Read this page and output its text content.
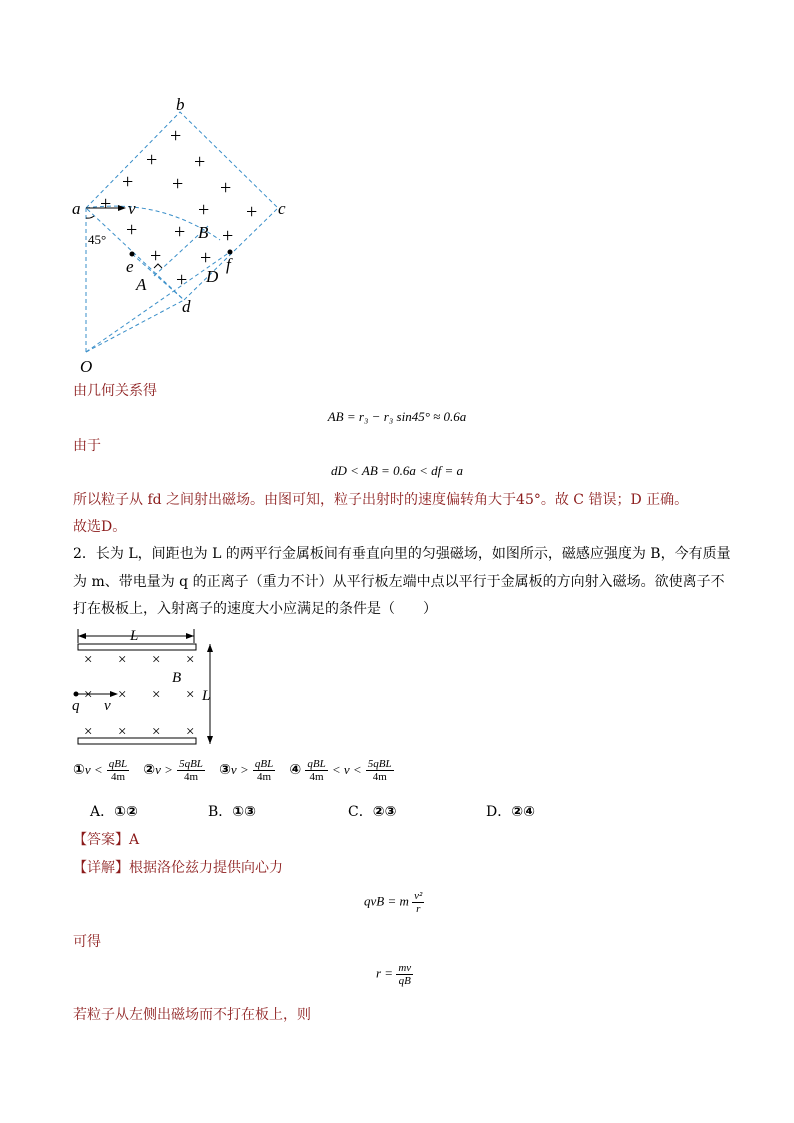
+
+ +
+ + +
+	+ +
+ + +
+ +
+
b
a	c
v
B
e	f
A	D
d
O
45°
由几何关系得
AB = r₃ − r₃ sin45° ≈ 0.6a
由于
dD < AB = 0.6a < df = a
所以粒子从 fd 之间射出磁场。由图可知，粒子出射时的速度偏转角大于45°。故 C 错误；D 正确。
故选D。
2．长为 L，间距也为 L 的两平行金属板间有垂直向里的匀强磁场，如图所示，磁感应强度为 B，今有质量
为 m、带电量为 q 的正离子（重力不计）从平行板左端中点以平行于金属板的方向射入磁场。欲使离子不
打在极板上，入射离子的速度大小应满足的条件是（　　）
L
L
× × × ×
× × × ×
× × × ×
q v
B
①v < $\frac{\text{qBL}}{4m}$ ②v > $\frac{\text{5qBL}}{4m}$ ③v > $\frac{\text{qBL}}{4m}$ ④ $\frac{\text{qBL}}{4m} < v < \frac{\text{5qBL}}{4m}$
A．①②	B．①③	C．②③	D．②④
【答案】A
【详解】根据洛伦兹力提供向心力
qvB = m $\frac{\text{v²}}{r}$
可得
$r = \frac{mv}{qB}$
若粒子从左侧出磁场而不打在板上，则
